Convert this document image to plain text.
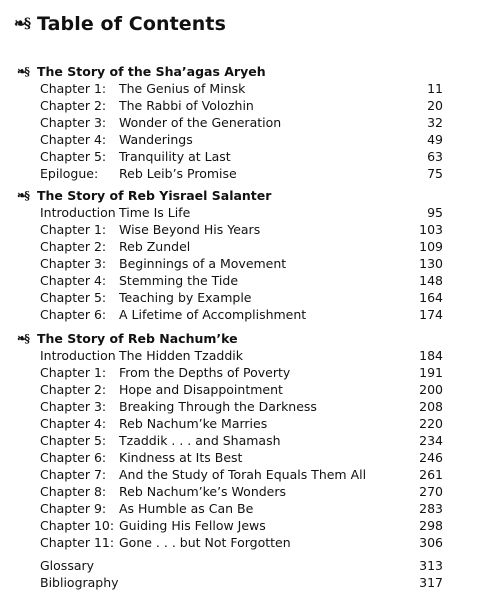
❧§ Table of Contents
❧§ The Story of the Sha’agas Aryeh
Chapter 1: The Genius of Minsk	11
Chapter 2: The Rabbi of Volozhin	20
Chapter 3: Wonder of the Generation	32
Chapter 4: Wanderings	49
Chapter 5: Tranquility at Last	63
Epilogue: Reb Leib’s Promise	75
❧§ The Story of Reb Yisrael Salanter
Introduction Time Is Life	95
Chapter 1: Wise Beyond His Years	103
Chapter 2: Reb Zundel	109
Chapter 3: Beginnings of a Movement	130
Chapter 4: Stemming the Tide	148
Chapter 5: Teaching by Example	164
Chapter 6: A Lifetime of Accomplishment	174
❧§ The Story of Reb Nachum’ke
Introduction The Hidden Tzaddik	184
Chapter 1: From the Depths of Poverty	191
Chapter 2: Hope and Disappointment	200
Chapter 3: Breaking Through the Darkness	208
Chapter 4: Reb Nachum’ke Marries	220
Chapter 5: Tzaddik . . . and Shamash	234
Chapter 6: Kindness at Its Best	246
Chapter 7: And the Study of Torah Equals Them All	261
Chapter 8: Reb Nachum’ke’s Wonders	270
Chapter 9: As Humble as Can Be	283
Chapter 10: Guiding His Fellow Jews	298
Chapter 11: Gone . . . but Not Forgotten	306
Glossary	313
Bibliography	317
